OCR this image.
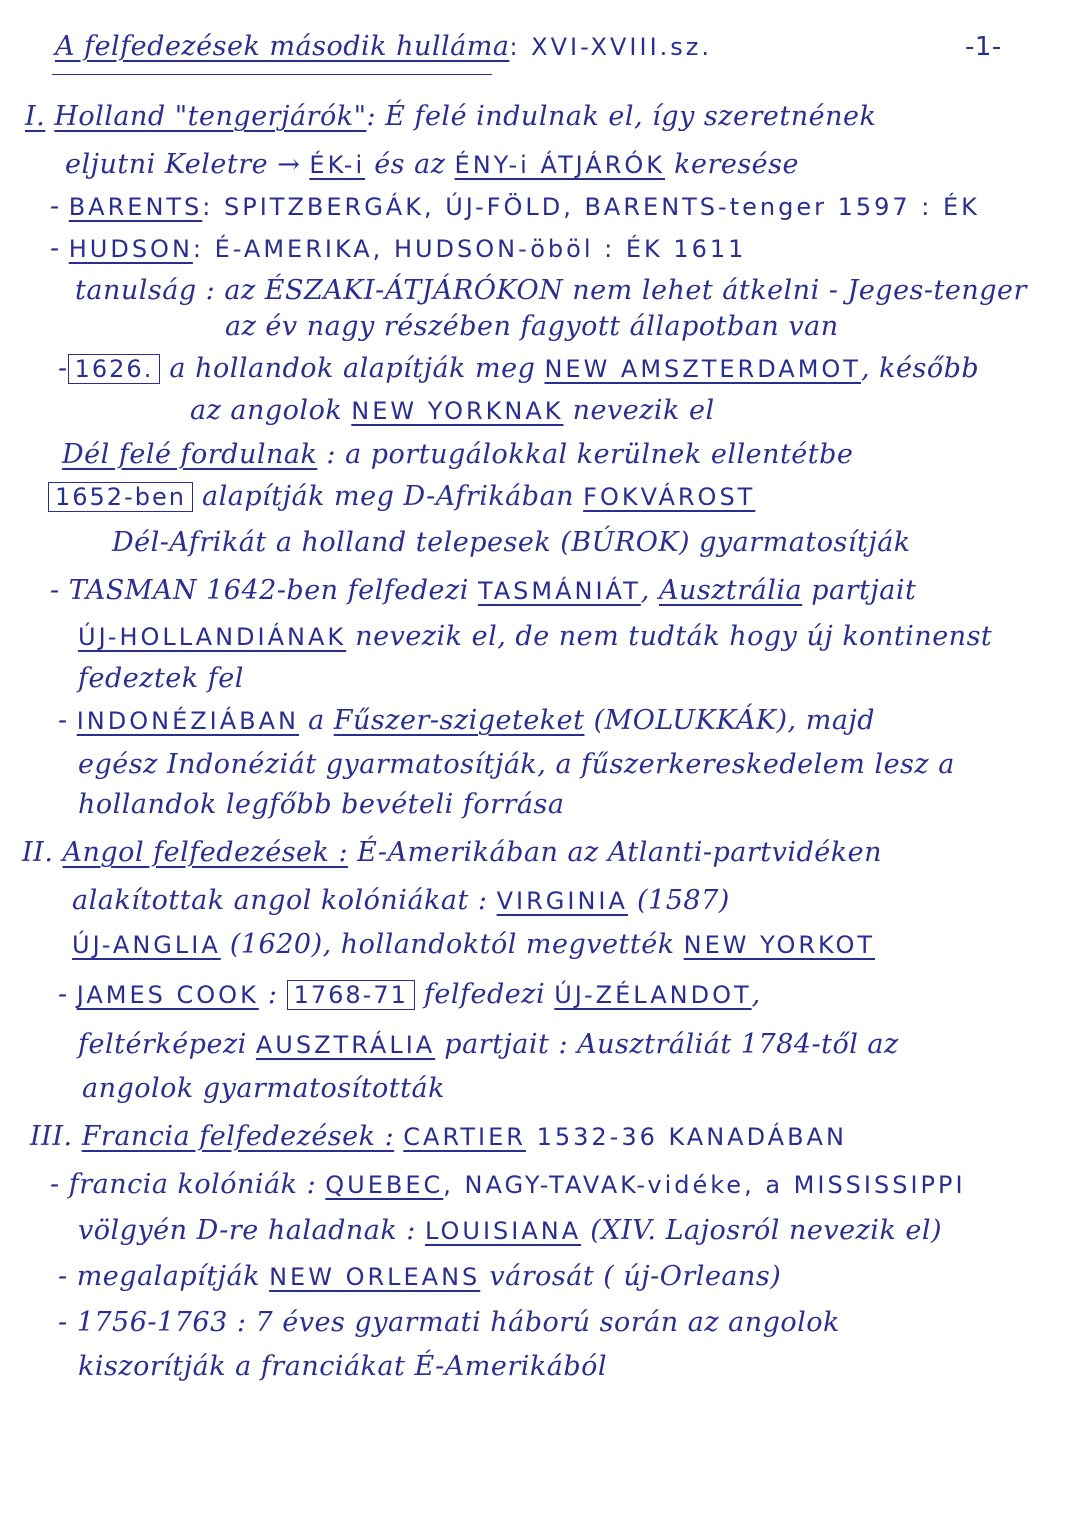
A felfedezések második hulláma: XVI-XVIII.sz.	-1-
I. Holland "tengerjárók": É felé indulnak el, így szeretnének
eljutni Keletre → ÉK-i és az ÉNY-i ÁTJÁRÓK keresése
- BARENTS: SPITZBERGÁK, ÚJ-FÖLD, BARENTS-tenger 1597 : ÉK
- HUDSON: É-AMERIKA, HUDSON-öböl : ÉK 1611
tanulság : az ÉSZAKI-ÁTJÁRÓKON nem lehet átkelni - Jeges-tenger
az év nagy részében fagyott állapotban van
- 1626. a hollandok alapítják meg NEW AMSZTERDAMOT, később
az angolok NEW YORKNAK nevezik el
Dél felé fordulnak : a portugálokkal kerülnek ellentétbe
1652-ben alapítják meg D-Afrikában FOKVÁROST
Dél-Afrikát a holland telepesek (BÚROK) gyarmatosítják
- TASMAN 1642-ben felfedezi TASMÁNIÁT, Ausztrália partjait
ÚJ-HOLLANDIÁNAK nevezik el, de nem tudták hogy új kontinenst
fedeztek fel
- INDONÉZIÁBAN a Fűszer-szigeteket (MOLUKKÁK), majd
egész Indonéziát gyarmatosítják, a fűszerkereskedelem lesz a
hollandok legfőbb bevételi forrása
II. Angol felfedezések : É-Amerikában az Atlanti-partvidéken
alakítottak angol kolóniákat : VIRGINIA (1587)
ÚJ-ANGLIA (1620), hollandoktól megvették NEW YORKOT
- JAMES COOK : 1768-71 felfedezi ÚJ-ZÉLANDOT,
feltérképezi AUSZTRÁLIA partjait : Ausztráliát 1784-től az
angolok gyarmatosították
III. Francia felfedezések : CARTIER 1532-36 KANADÁBAN
- francia kolóniák : QUEBEC, NAGY-TAVAK-vidéke, a MISSISSIPPI
völgyén D-re haladnak : LOUISIANA (XIV. Lajosról nevezik el)
- megalapítják NEW ORLEANS városát ( új-Orleans)
- 1756-1763 : 7 éves gyarmati háború során az angolok
kiszorítják a franciákat É-Amerikából
